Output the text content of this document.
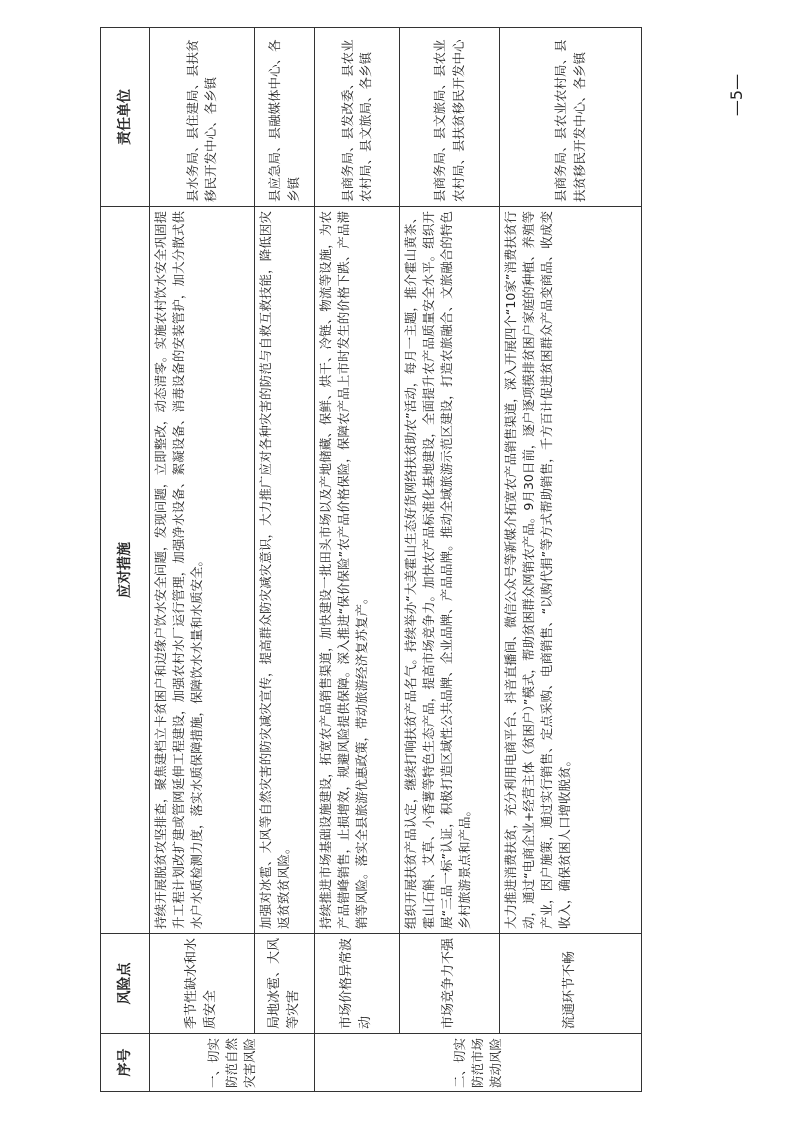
—5—
序号	风险点	应对措施	责任单位
一、切实防范自然灾害风险	季节性缺水和水质安全	持续开展脱贫攻坚排查，聚焦建档立卡贫困户和边缘户饮水安全问题，发现问题，立即整改，动态清零。实施农村饮水安全巩固提升工程计划改扩建或管网延伸工程建设，加强农村水厂运行管理，加强净水设备、絮凝设备、消毒设备的安装管护，加大分散式供水户水质检测力度，落实水质保障措施，保障饮水水量和水质安全。	县水务局、县住建局、县扶贫移民开发中心、各乡镇
	局地冰雹、大风等灾害	加强对冰雹、大风等自然灾害的防灾减灾宣传，提高群众防灾减灾意识，大力推广应对各种灾害的防范与自救互救技能，降低因灾返贫致贫风险。	县应急局、县融媒体中心、各乡镇
二、切实防范市场波动风险	市场价格异常波动	持续推进市场基础设施建设，拓宽农产品销售渠道，加快建设一批田头市场以及产地储藏、保鲜、烘干、冷链、物流等设施，为农产品错峰销售，止损增效，规避风险提供保障。深入推进“保价保险”农产品价格保险，保障农产品上市时发生的价格下跌、产品滞销等风险。落实全县旅游优惠政策，带动旅游经济复苏复产。	县商务局、县发改委、县农业农村局、县文旅局、各乡镇
	市场竞争力不强	组织开展扶贫产品认定，继续打响扶贫产品名气。持续举办“大美霍山生态好货网络扶贫助农”活动，每月一主题，推介霍山黄茶、霍山石斛、艾草、小香薯等特色生态产品，提高市场竞争力。加快农产品标准化基地建设，全面提升农产品质量安全水平。组织开展“三品一标”认证，积极打造区域性公共品牌、企业品牌、产品品牌。推动全域旅游示范区建设，打造农旅融合、文旅融合的特色乡村旅游景点和产品。	县商务局、县文旅局、县农业农村局、县扶贫移民开发中心
	流通环节不畅	大力推进消费扶贫，充分利用电商平台、抖音直播间、微信公众号等新媒介拓宽农产品销售渠道，深入开展四个“10家”消费扶贫行动，通过“电商企业+经营主体（贫困户）”模式，帮助贫困群众网销农产品。9月30日前，逐户逐项摸排贫困户家庭的种植、养殖等产业，因户施策，通过实行销售、定点采购、电商销售、“以购代捐”等方式帮助销售，千方百计促进贫困群众产品变商品、收成变收入，确保贫困人口增收脱贫。	县商务局、县农业农村局、县扶贫移民开发中心、各乡镇
